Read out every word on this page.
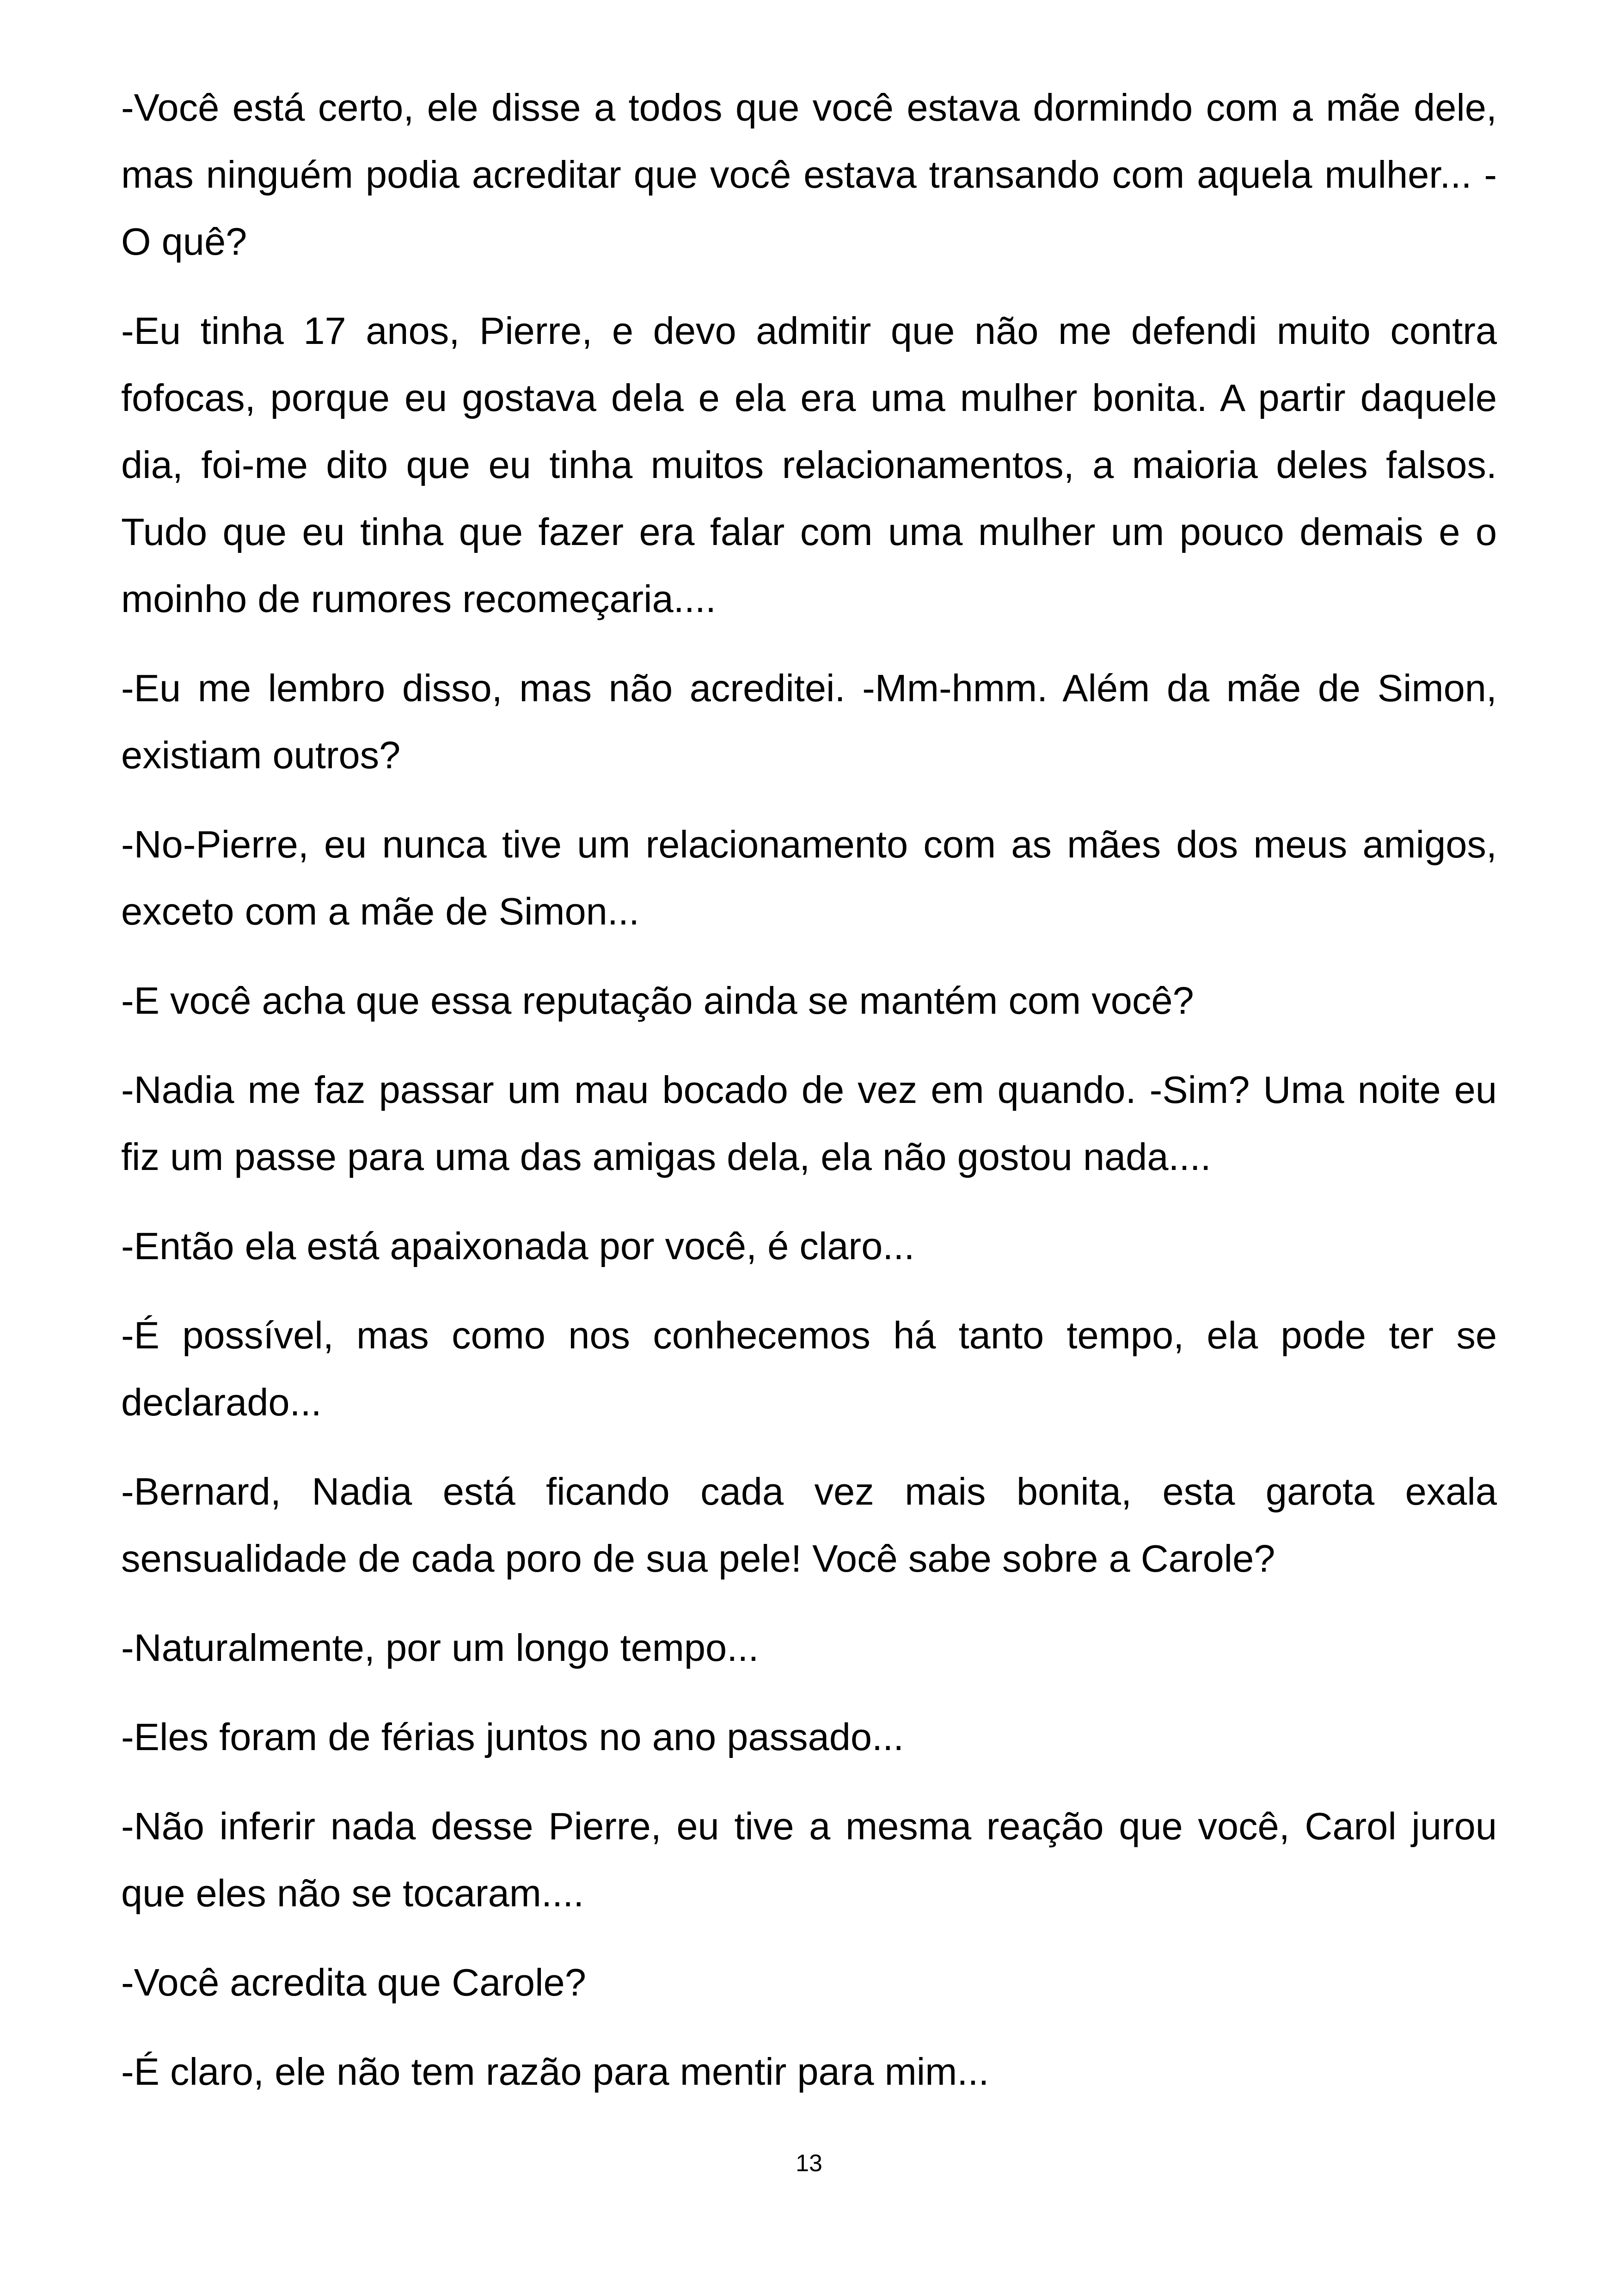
-Você está certo, ele disse a todos que você estava dormindo com a mãe dele, mas ninguém podia acreditar que você estava transando com aquela mulher... -O quê?

-Eu tinha 17 anos, Pierre, e devo admitir que não me defendi muito contra fofocas, porque eu gostava dela e ela era uma mulher bonita. A partir daquele dia, foi-me dito que eu tinha muitos relacionamentos, a maioria deles falsos. Tudo que eu tinha que fazer era falar com uma mulher um pouco demais e o moinho de rumores recomeçaria....

-Eu me lembro disso, mas não acreditei. -Mm-hmm. Além da mãe de Simon, existiam outros?

-No-Pierre, eu nunca tive um relacionamento com as mães dos meus amigos, exceto com a mãe de Simon...

-E você acha que essa reputação ainda se mantém com você?

-Nadia me faz passar um mau bocado de vez em quando. -Sim? Uma noite eu fiz um passe para uma das amigas dela, ela não gostou nada....

-Então ela está apaixonada por você, é claro...

-É possível, mas como nos conhecemos há tanto tempo, ela pode ter se declarado...

-Bernard, Nadia está ficando cada vez mais bonita, esta garota exala sensualidade de cada poro de sua pele! Você sabe sobre a Carole?

-Naturalmente, por um longo tempo...

-Eles foram de férias juntos no ano passado...

-Não inferir nada desse Pierre, eu tive a mesma reação que você, Carol jurou que eles não se tocaram....

-Você acredita que Carole?

-É claro, ele não tem razão para mentir para mim...

13
